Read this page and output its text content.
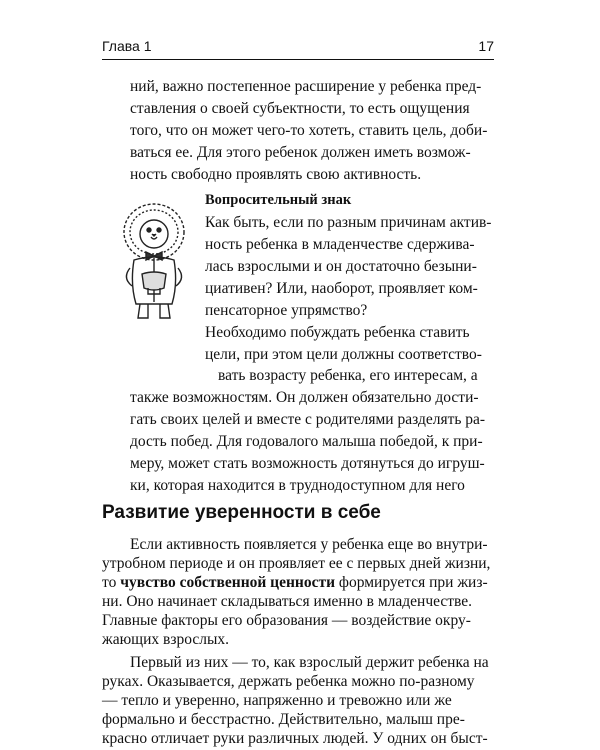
Глава 1	17
ний, важно постепенное расширение у ребенка пред-
ставления о своей субъектности, то есть ощущения
того, что он может чего-то хотеть, ставить цель, доби-
ваться ее. Для этого ребенок должен иметь возмож-
ность свободно проявлять свою активность.
Вопросительный знак
Как быть, если по разным причинам актив-
ность ребенка в младенчестве сдержива-
лась взрослыми и он достаточно безыни-
циативен? Или, наоборот, проявляет ком-
пенсаторное упрямство?
Необходимо побуждать ребенка ставить
цели, при этом цели должны соответство-
вать возрасту ребенка, его интересам, а
также возможностям. Он должен обязательно дости-
гать своих целей и вместе с родителями разделять ра-
дость побед. Для годовалого малыша победой, к при-
меру, может стать возможность дотянуться до игруш-
ки, которая находится в труднодоступном для него
Развитие уверенности в себе
Если активность появляется у ребенка еще во внутри-
утробном периоде и он проявляет ее с первых дней жизни,
то чувство собственной ценности формируется при жиз-
ни. Оно начинает складываться именно в младенчестве.
Главные факторы его образования — воздействие окру-
Первый из них — то, как взрослый держит ребенка на
руках. Оказывается, держать ребенка можно по-разному
— тепло и уверенно, напряженно и тревожно или же
формально и бесстрастно. Действительно, малыш пре-
жающих взрослых.
красно отличает руки различных людей. У одних он быст-
